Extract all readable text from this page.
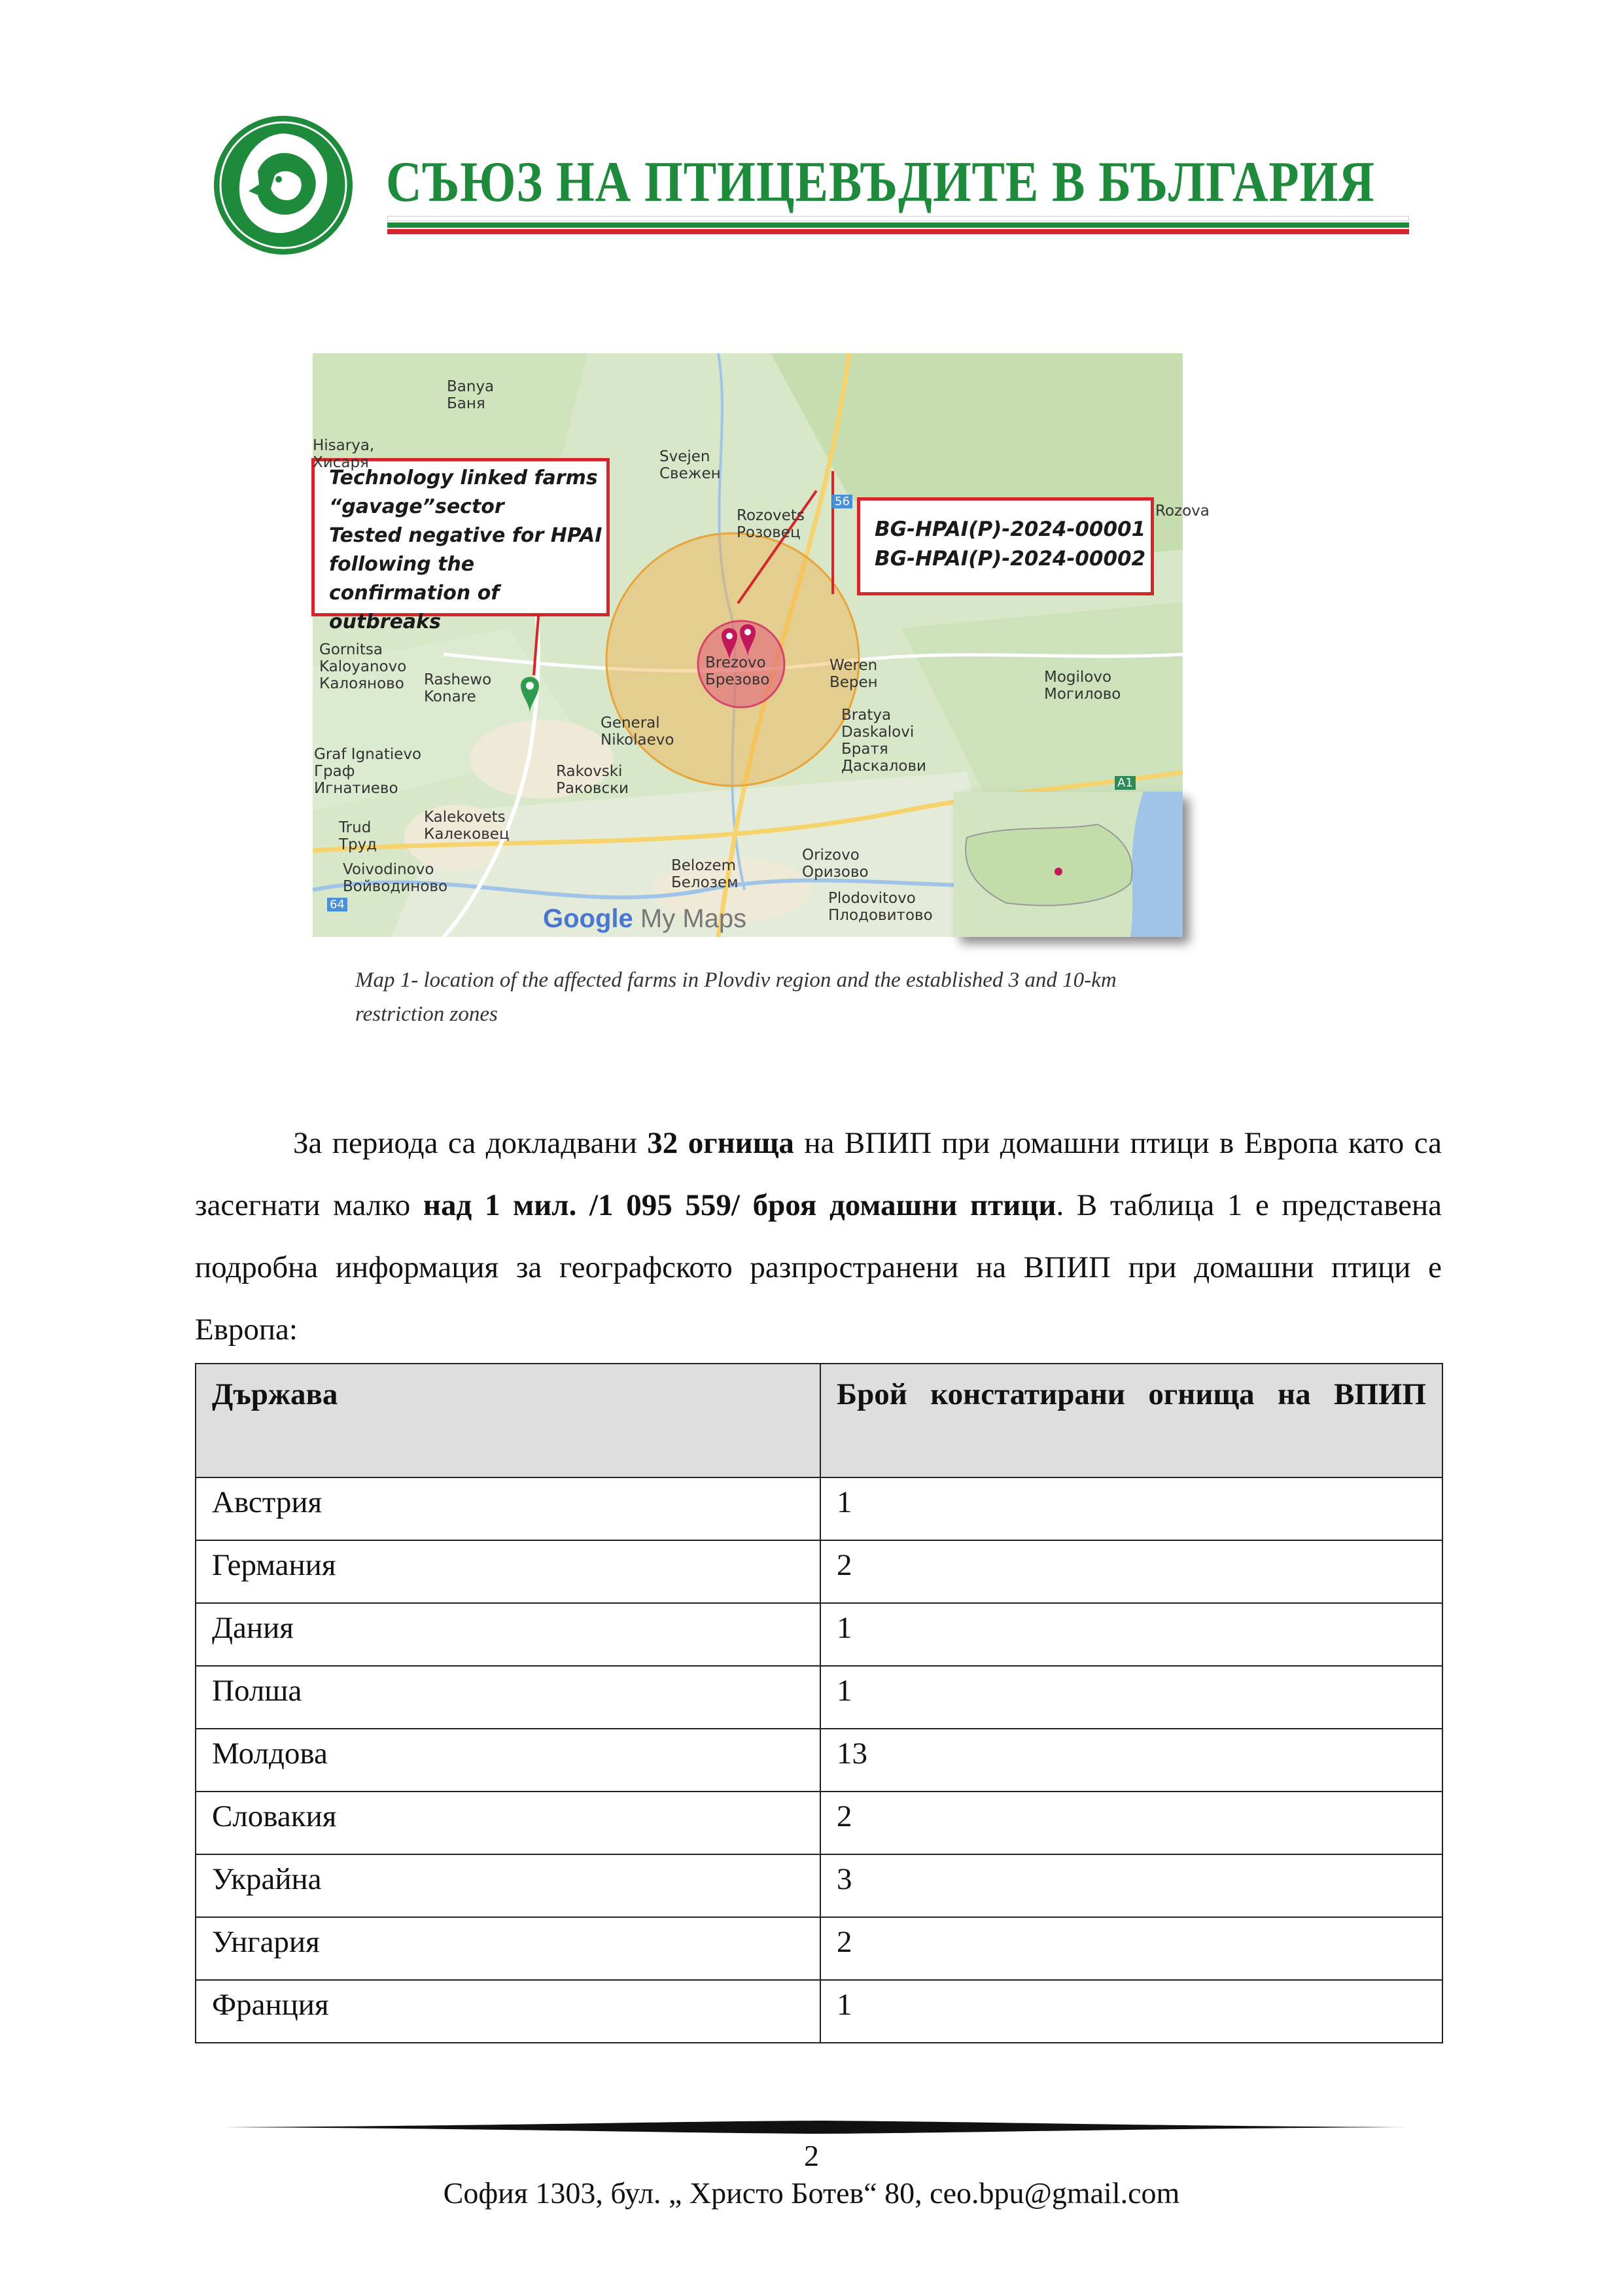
СЪЮЗ НА ПТИЦЕВЪДИТЕ В БЪЛГАРИЯ
Technology linked farms
“gavage”sector
Tested negative for HPAI
following the
confirmation of outbreaks
BG-HPAI(P)-2024-00001
BG-HPAI(P)-2024-00002
Banya
Баня
Hisarya,
Хисаря	Svejen
Свежен
Rozovets
Розовец
Gornitsa
Kaloyanovo
Калояново Rashewo Konare
Brezovo
Брезово
Weren
Верен	Mogilovo
Могилово
General Nikolaevo
Bratya Daskalovi
Братя Даскалови
Graf Ignatievo
Граф Игнатиево
Rakovski
Раковски
Trud
Труд
Kalekovets
Калековец
Voivodinovo
Войводиново
Belozem
Белозем
Orizovo
Оризово
Plodovitovo
Плодовитово
Rozova
56
A1
64	Google My Maps
Map 1- location of the affected farms in Plovdiv region and the established 3 and 10-km restriction zones
За периода са докладвани 32 огнища на ВПИП при домашни птици в Европа като са засегнати малко над 1 мил. /1 095 559/ броя домашни птици. В таблица 1 е представена подробна информация за географското разпространени на ВПИП при домашни птици е Европа:
Държава	Брой констатирани огнища на ВПИП
Австрия	1
Германия	2
Дания	1
Полша	1
Молдова	13
Словакия	2
Украйна	3
Унгария	2
Франция	1
2
София 1303, бул. „ Христо Ботев“ 80, ceo.bpu@gmail.com
